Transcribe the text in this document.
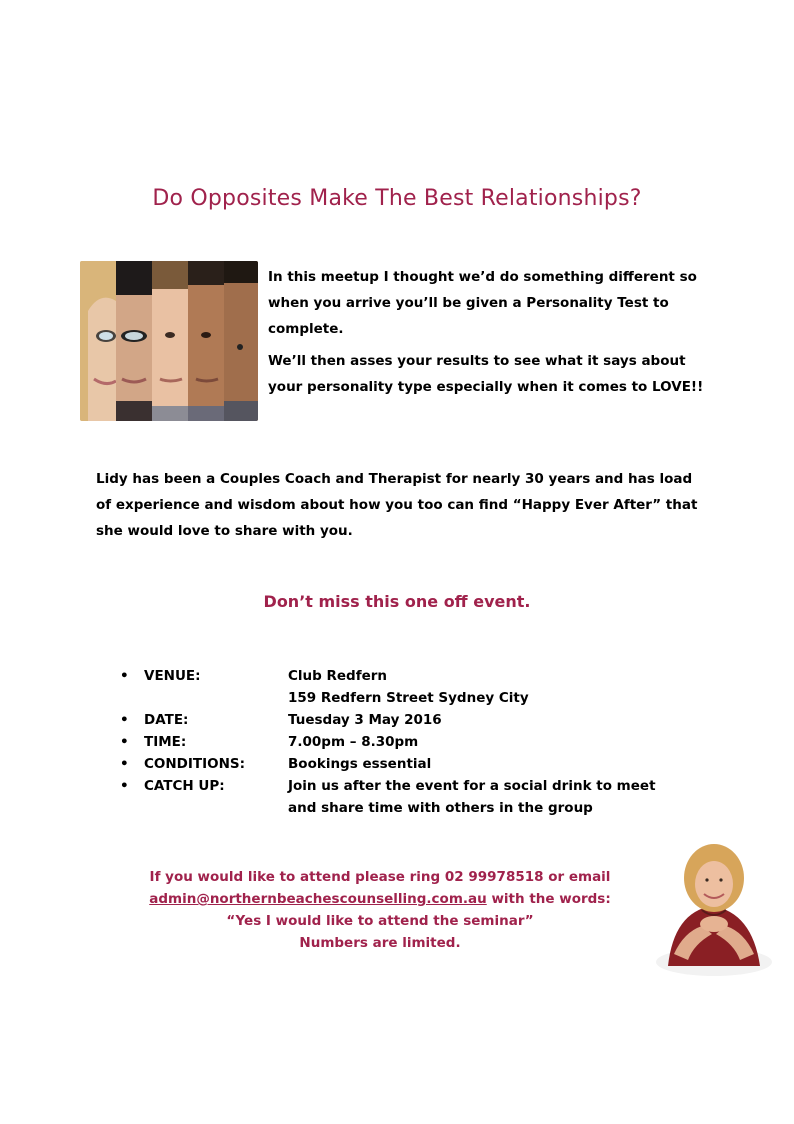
Do Opposites Make The Best Relationships?

In this meetup I thought we’d do something different so when you arrive you’ll be given a Personality Test to complete.

We’ll then asses your results to see what it says about your personality type especially when it comes to LOVE!!

Lidy has been a Couples Coach and Therapist for nearly 30 years and has load of experience and wisdom about how you too can find “Happy Ever After” that she would love to share with you.

Don’t miss this one off event.
•	VENUE:	Club Redfern
159 Redfern Street Sydney City
•	DATE:	Tuesday 3 May 2016
•	TIME:	7.00pm – 8.30pm
•	CONDITIONS:	Bookings essential
•	CATCH UP:	Join us after the event for a social drink to meet
and share time with others in the group
If you would like to attend please ring 02 99978518 or email
admin@northernbeachescounselling.com.au with the words:
“Yes I would like to attend the seminar”
Numbers are limited.
